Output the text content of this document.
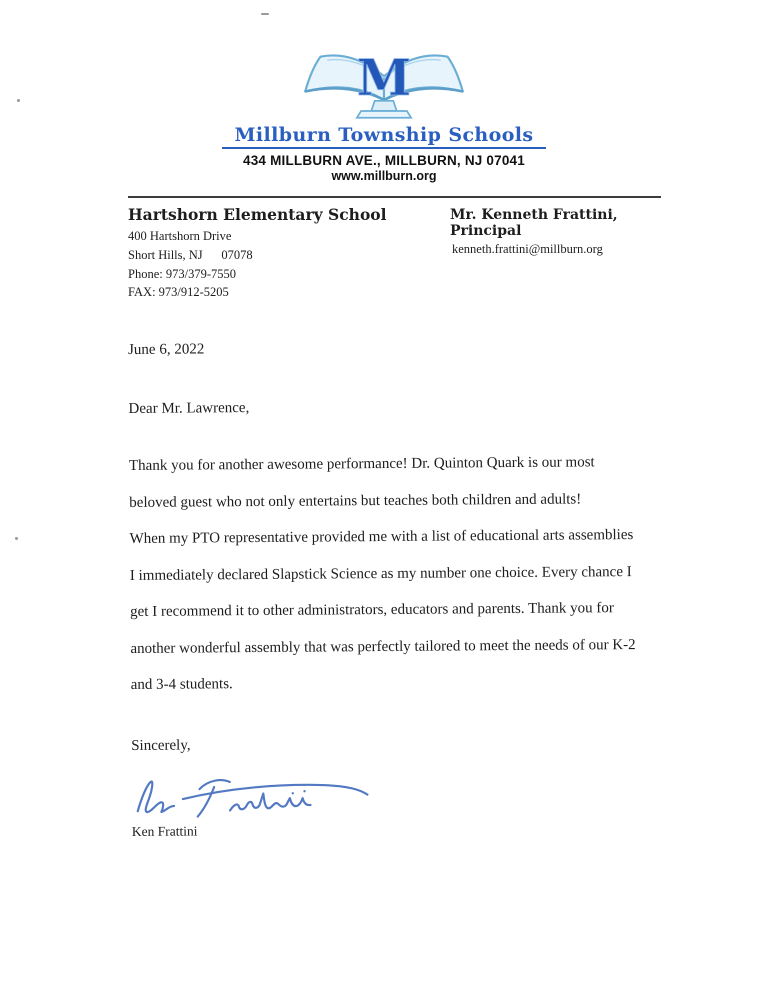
M
Millburn Township Schools
434 MILLBURN AVE., MILLBURN, NJ 07041
www.millburn.org
Hartshorn Elementary School
400 Hartshorn Drive
Short Hills, NJ      07078
Phone: 973/379-7550
FAX: 973/912-5205
Mr. Kenneth Frattini, Principal
kenneth.frattini@millburn.org

June 6, 2022

Dear Mr. Lawrence,

Thank you for another awesome performance! Dr. Quinton Quark is our most
beloved guest who not only entertains but teaches both children and adults!
When my PTO representative provided me with a list of educational arts assemblies
I immediately declared Slapstick Science as my number one choice. Every chance I
get I recommend it to other administrators, educators and parents. Thank you for
another wonderful assembly that was perfectly tailored to meet the needs of our K-2
and 3-4 students.

Sincerely,

Ken Frattini
